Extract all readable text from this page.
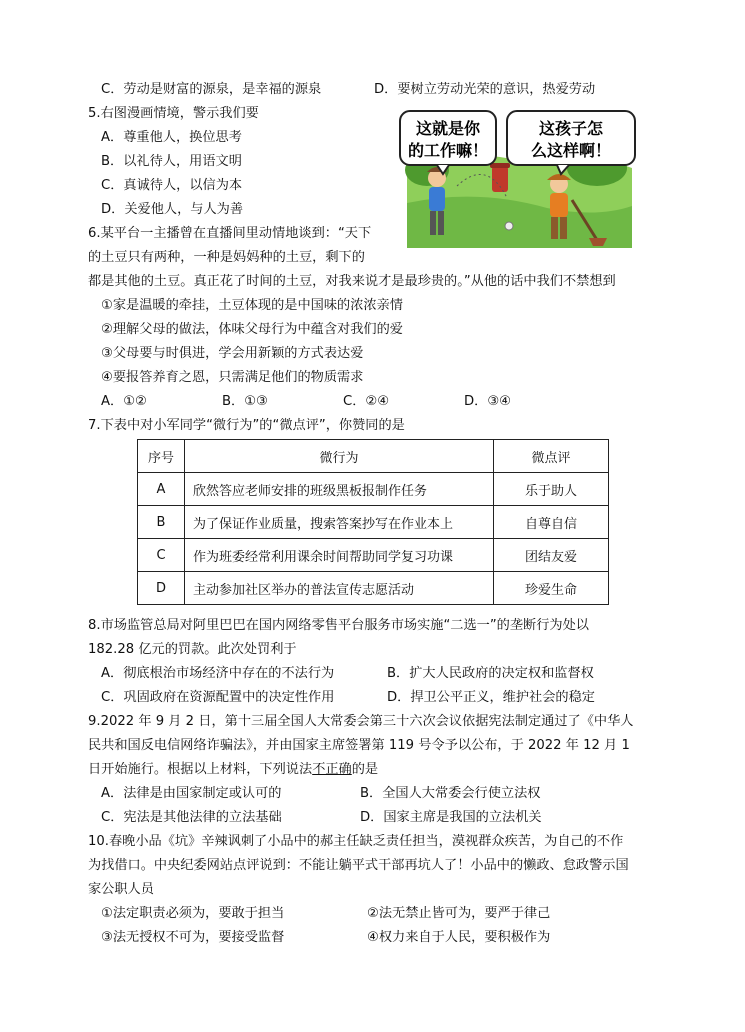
C．劳动是财富的源泉，是幸福的源泉	D．要树立劳动光荣的意识，热爱劳动
5.右图漫画情境，警示我们要
A．尊重他人，换位思考
B．以礼待人，用语文明
C．真诚待人，以信为本
D．关爱他人，与人为善
这就是你
的工作嘛！
这孩子怎
么这样啊！
6.某平台一主播曾在直播间里动情地谈到：“天下
的土豆只有两种，一种是妈妈种的土豆，剩下的
都是其他的土豆。真正花了时间的土豆，对我来说才是最珍贵的。”从他的话中我们不禁想到
①家是温暖的牵挂，土豆体现的是中国味的浓浓亲情
②理解父母的做法，体味父母行为中蕴含对我们的爱
③父母要与时俱进，学会用新颖的方式表达爱
④要报答养育之恩，只需满足他们的物质需求
A．①②	B．①③	C．②④	D．③④
7.下表中对小军同学“微行为”的“微点评”，你赞同的是
序号	微行为	微点评
A	欣然答应老师安排的班级黑板报制作任务	乐于助人
B	为了保证作业质量，搜索答案抄写在作业本上	自尊自信
C	作为班委经常利用课余时间帮助同学复习功课	团结友爱
D	主动参加社区举办的普法宣传志愿活动	珍爱生命
8.市场监管总局对阿里巴巴在国内网络零售平台服务市场实施“二选一”的垄断行为处以
182.28 亿元的罚款。此次处罚利于
A．彻底根治市场经济中存在的不法行为	B．扩大人民政府的决定权和监督权
C．巩固政府在资源配置中的决定性作用	D．捍卫公平正义，维护社会的稳定
9.2022 年 9 月 2 日，第十三届全国人大常委会第三十六次会议依据宪法制定通过了《中华人
民共和国反电信网络诈骗法》，并由国家主席签署第 119 号令予以公布，于 2022 年 12 月 1
日开始施行。根据以上材料，下列说法不正确的是
A．法律是由国家制定或认可的	B．全国人大常委会行使立法权
C．宪法是其他法律的立法基础	D．国家主席是我国的立法机关
10.春晚小品《坑》辛辣讽刺了小品中的郝主任缺乏责任担当，漠视群众疾苦，为自己的不作
为找借口。中央纪委网站点评说到：不能让躺平式干部再坑人了！小品中的懒政、怠政警示国
家公职人员
①法定职责必须为，要敢于担当	②法无禁止皆可为，要严于律己
③法无授权不可为，要接受监督	④权力来自于人民，要积极作为
